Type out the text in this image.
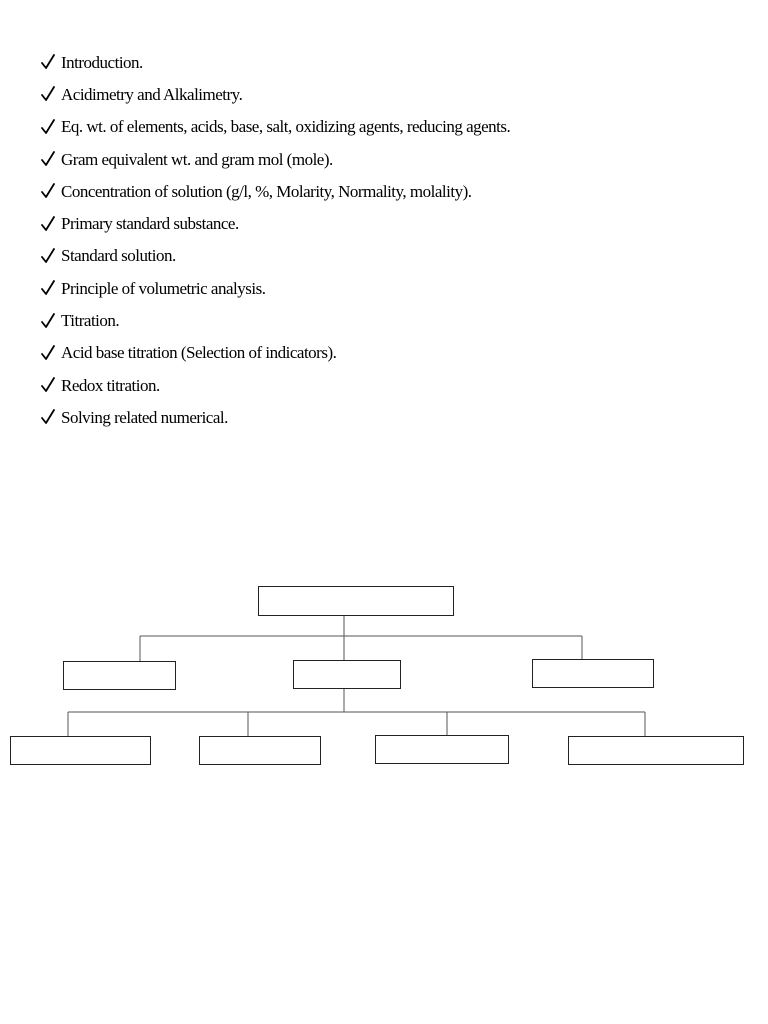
Introduction.
Acidimetry and Alkalimetry.
Eq. wt. of elements, acids, base, salt, oxidizing agents, reducing agents.
Gram equivalent wt. and gram mol (mole).
Concentration of solution (g/l, %, Molarity, Normality, molality).
Primary standard substance.
Standard solution.
Principle of volumetric analysis.
Titration.
Acid base titration (Selection of indicators).
Redox titration.
Solving related numerical.
